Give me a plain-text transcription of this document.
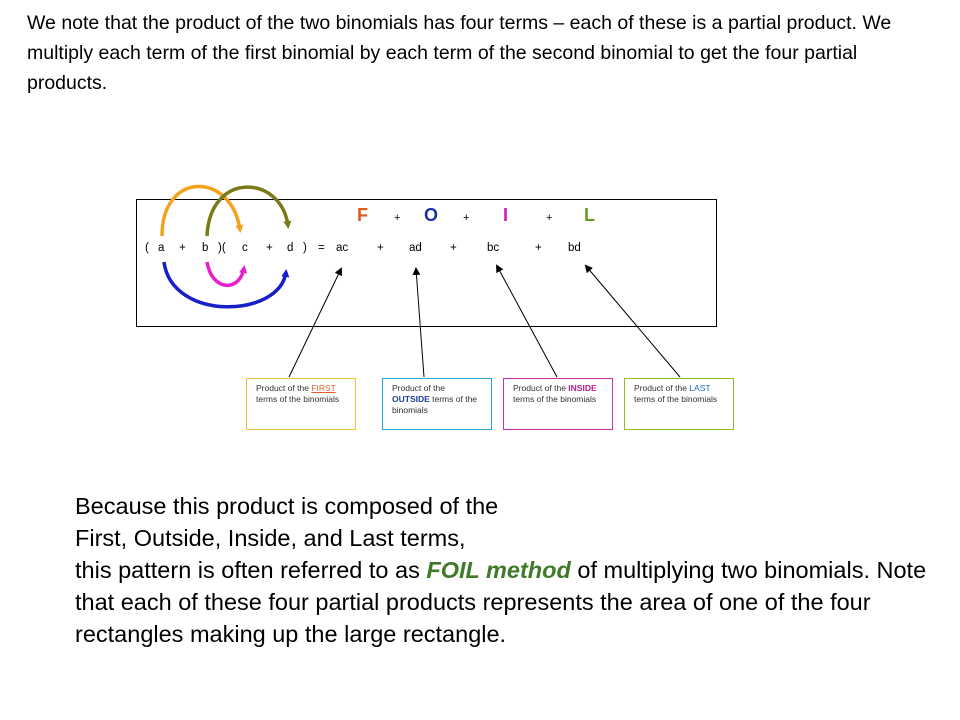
We note that the product of the two binomials has four terms – each of these is a partial product. We multiply each term of the first binomial by each term of the second binomial to get the four partial products.

F + O + I	+ L
( a + b )( c + d ) = ac	+ ad +	bc	+ bd
Product of the FIRST terms of the binomials
Product of the OUTSIDE terms of the binomials
Product of the INSIDE terms of the binomials
Product of the LAST terms of the binomials

Because this product is composed of the
First, Outside, Inside, and Last terms,
this pattern is often referred to as FOIL method of multiplying two binomials. Note that each of these four partial products represents the area of one of the four rectangles making up the large rectangle.
